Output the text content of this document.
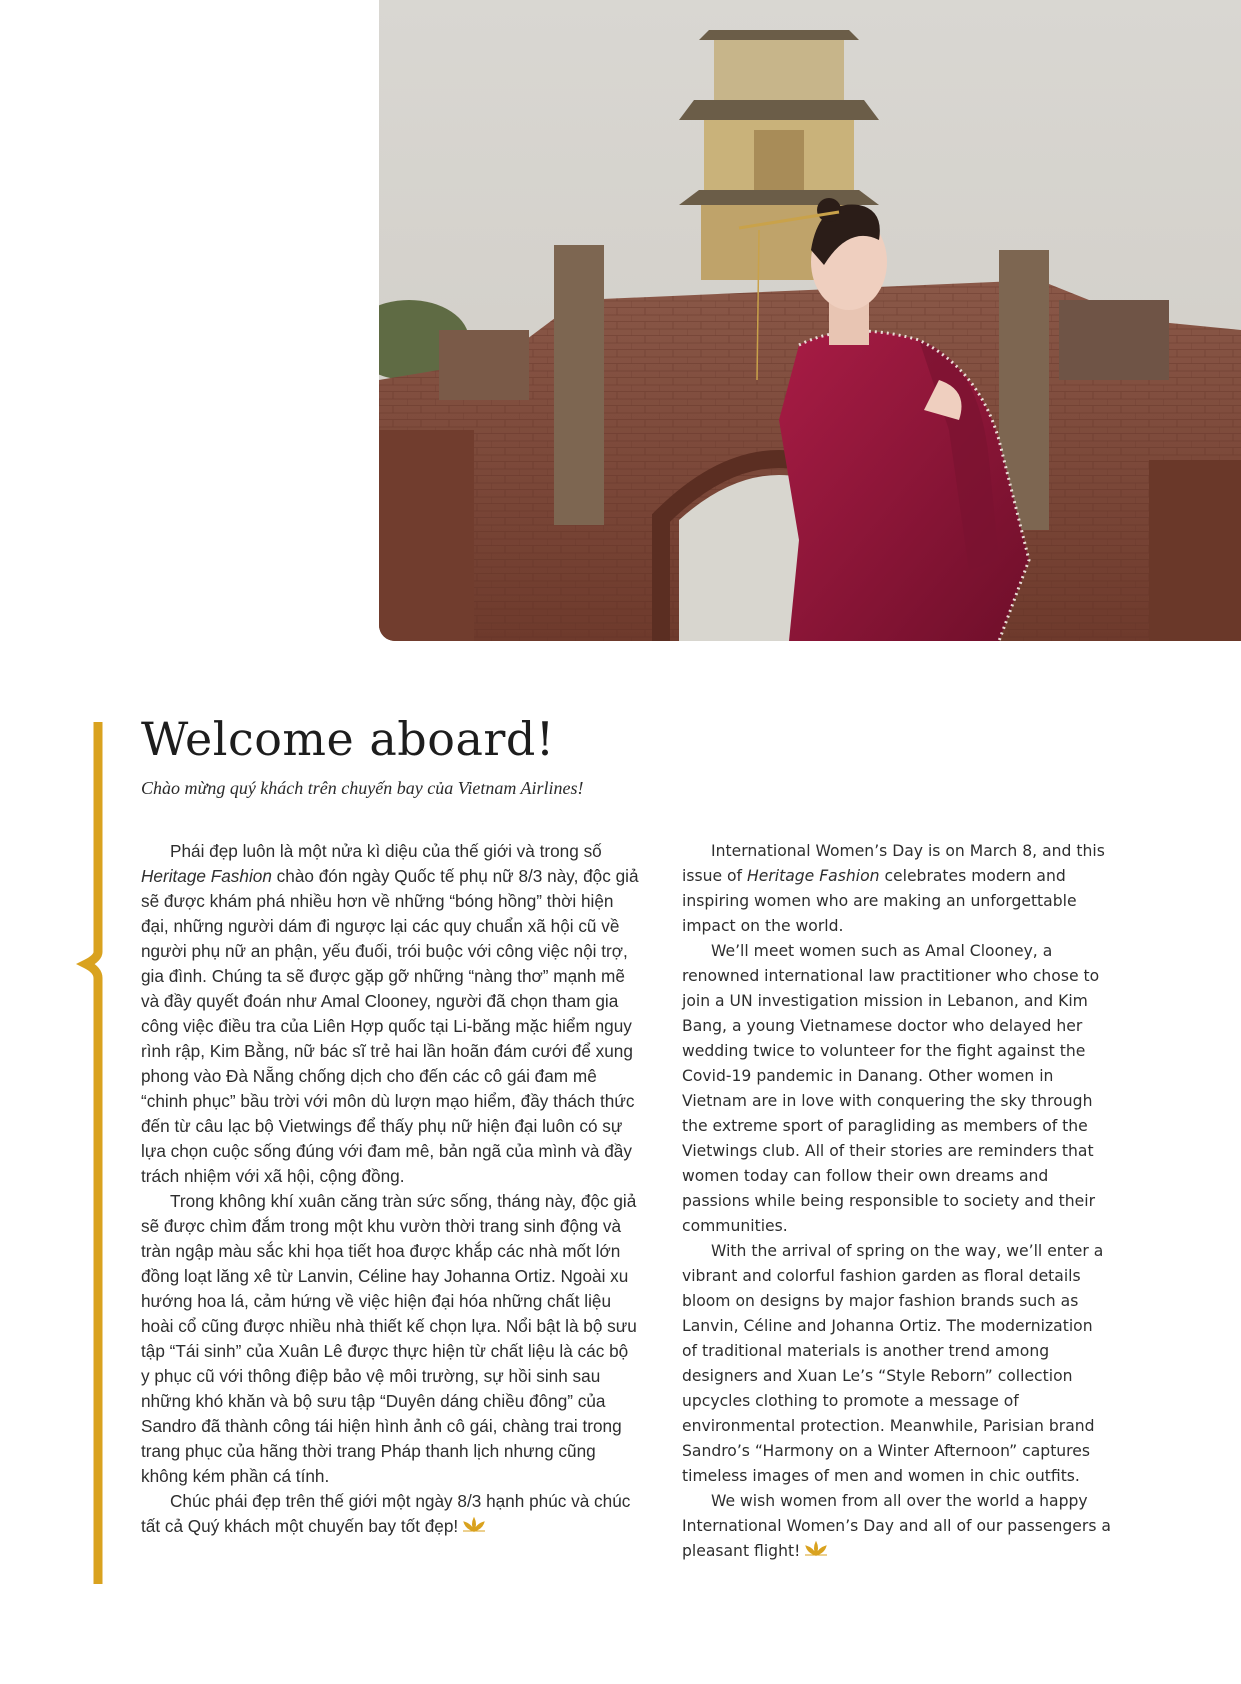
Welcome aboard!

Chào mừng quý khách trên chuyến bay của Vietnam Airlines!

Phái đẹp luôn là một nửa kì diệu của thế giới và trong số Heritage Fashion chào đón ngày Quốc tế phụ nữ 8/3 này, độc giả sẽ được khám phá nhiều hơn về những “bóng hồng” thời hiện đại, những người dám đi ngược lại các quy chuẩn xã hội cũ về người phụ nữ an phận, yếu đuối, trói buộc với công việc nội trợ, gia đình. Chúng ta sẽ được gặp gỡ những “nàng thơ” mạnh mẽ và đầy quyết đoán như Amal Clooney, người đã chọn tham gia công việc điều tra của Liên Hợp quốc tại Li-băng mặc hiểm nguy rình rập, Kim Bằng, nữ bác sĩ trẻ hai lần hoãn đám cưới để xung phong vào Đà Nẵng chống dịch cho đến các cô gái đam mê “chinh phục” bầu trời với môn dù lượn mạo hiểm, đầy thách thức đến từ câu lạc bộ Vietwings để thấy phụ nữ hiện đại luôn có sự lựa chọn cuộc sống đúng với đam mê, bản ngã của mình và đầy trách nhiệm với xã hội, cộng đồng.

Trong không khí xuân căng tràn sức sống, tháng này, độc giả sẽ được chìm đắm trong một khu vườn thời trang sinh động và tràn ngập màu sắc khi họa tiết hoa được khắp các nhà mốt lớn đồng loạt lăng xê từ Lanvin, Céline hay Johanna Ortiz. Ngoài xu hướng hoa lá, cảm hứng về việc hiện đại hóa những chất liệu hoài cổ cũng được nhiều nhà thiết kế chọn lựa. Nổi bật là bộ sưu tập “Tái sinh” của Xuân Lê được thực hiện từ chất liệu là các bộ y phục cũ với thông điệp bảo vệ môi trường, sự hồi sinh sau những khó khăn và bộ sưu tập “Duyên dáng chiều đông” của Sandro đã thành công tái hiện hình ảnh cô gái, chàng trai trong trang phục của hãng thời trang Pháp thanh lịch nhưng cũng không kém phần cá tính.

Chúc phái đẹp trên thế giới một ngày 8/3 hạnh phúc và chúc tất cả Quý khách một chuyến bay tốt đẹp!

International Women’s Day is on March 8, and this issue of Heritage Fashion celebrates modern and inspiring women who are making an unforgettable impact on the world.

We’ll meet women such as Amal Clooney, a renowned international law practitioner who chose to join a UN investigation mission in Lebanon, and Kim Bang, a young Vietnamese doctor who delayed her wedding twice to volunteer for the fight against the Covid-19 pandemic in Danang. Other women in Vietnam are in love with conquering the sky through the extreme sport of paragliding as members of the Vietwings club. All of their stories are reminders that women today can follow their own dreams and passions while being responsible to society and their communities.

With the arrival of spring on the way, we’ll enter a vibrant and colorful fashion garden as floral details bloom on designs by major fashion brands such as Lanvin, Céline and Johanna Ortiz. The modernization of traditional materials is another trend among designers and Xuan Le’s “Style Reborn” collection upcycles clothing to promote a message of environmental protection. Meanwhile, Parisian brand Sandro’s “Harmony on a Winter Afternoon” captures timeless images of men and women in chic outfits.

We wish women from all over the world a happy International Women’s Day and all of our passengers a pleasant flight!
